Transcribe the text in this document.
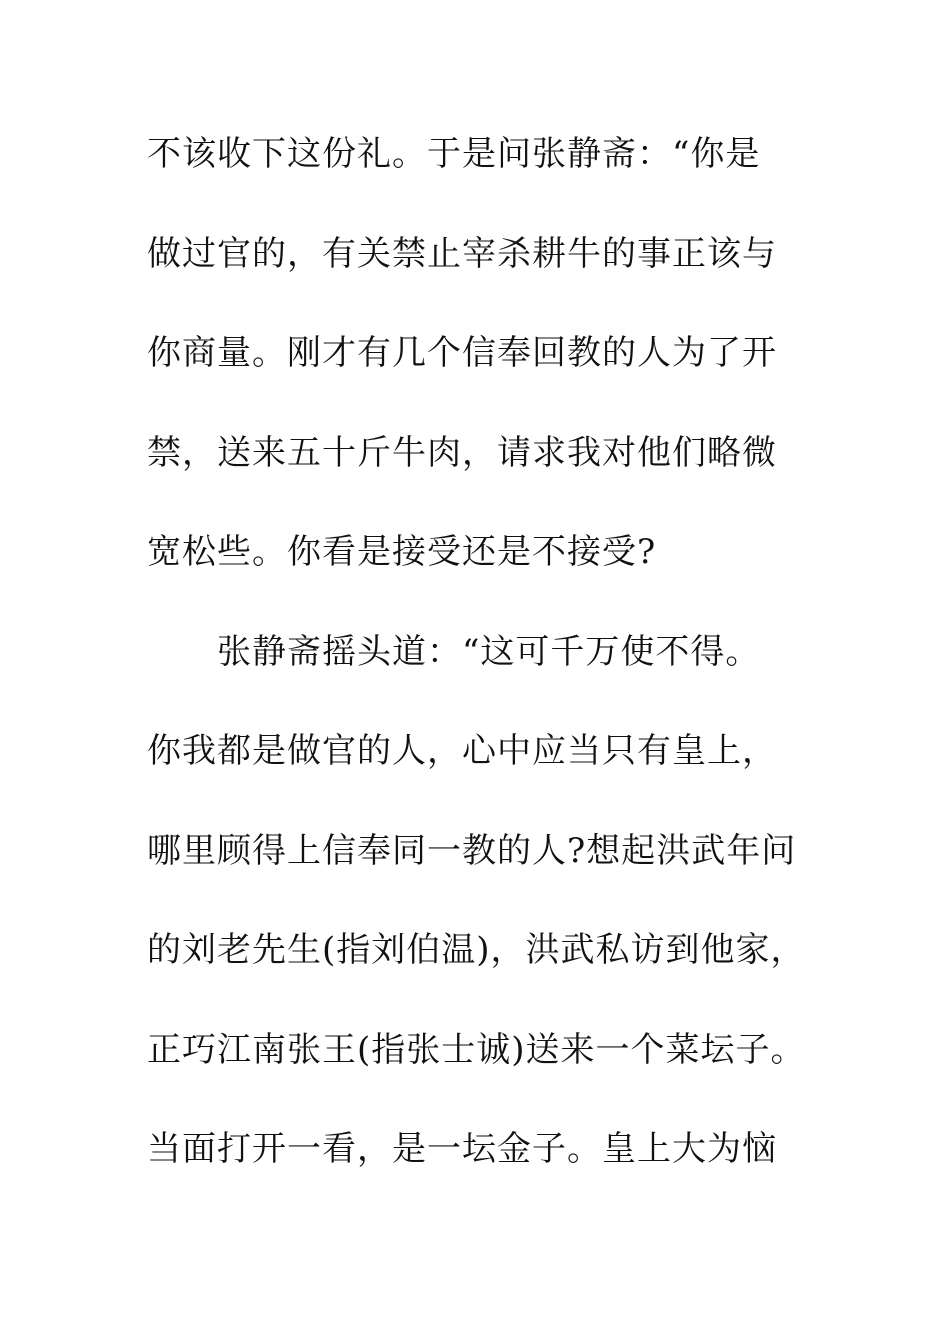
不该收下这份礼。于是问张静斋：“你是
做过官的，有关禁止宰杀耕牛的事正该与
你商量。刚才有几个信奉回教的人为了开
禁，送来五十斤牛肉，请求我对他们略微
宽松些。你看是接受还是不接受?
张静斋摇头道：“这可千万使不得。
你我都是做官的人，心中应当只有皇上，
哪里顾得上信奉同一教的人?想起洪武年问
的刘老先生(指刘伯温)，洪武私访到他家，
正巧江南张王(指张士诚)送来一个菜坛子。
当面打开一看，是一坛金子。皇上大为恼
